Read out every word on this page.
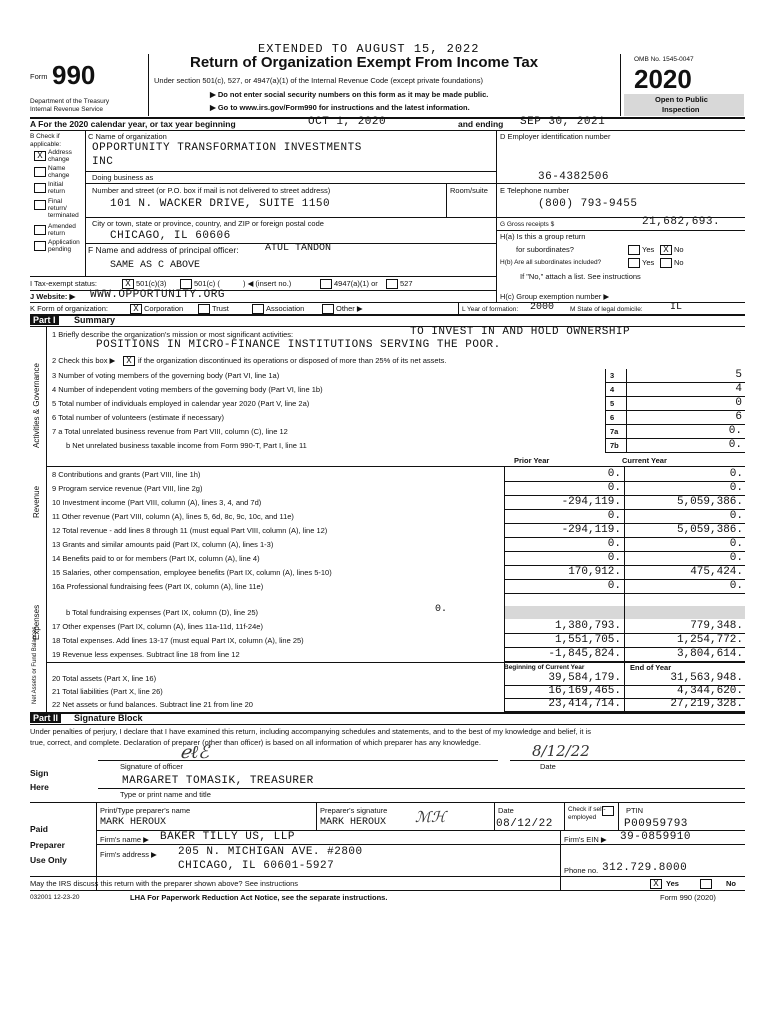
EXTENDED TO AUGUST 15, 2022
Form 990
Department of the Treasury
Internal Revenue Service
Return of Organization Exempt From Income Tax
Under section 501(c), 527, or 4947(a)(1) of the Internal Revenue Code (except private foundations)
▶ Do not enter social security numbers on this form as it may be made public.
▶ Go to www.irs.gov/Form990 for instructions and the latest information.
OMB No. 1545-0047
2020
Open to Public
Inspection
A For the 2020 calendar year, or tax year beginning	OCT 1, 2020	and ending SEP 30, 2021
B Check if applicable:
X Address change
Name change
Initial return
Final return/ terminated
Amended return
Application pending
C Name of organization
OPPORTUNITY TRANSFORMATION INVESTMENTS
INC
Doing business as
Number and street (or P.O. box if mail is not delivered to street address)	Room/suite
101 N. WACKER DRIVE, SUITE 1150
City or town, state or province, country, and ZIP or foreign postal code
CHICAGO, IL 60606
F Name and address of principal officer:	ATUL TANDON
SAME AS C ABOVE
D Employer identification number
36-4382506
E Telephone number
(800) 793-9455
G Gross receipts $	21,682,693.
H(a) Is this a group return
for subordinates?	Yes	X No
H(b) Are all subordinates included?	Yes	No
If "No," attach a list. See instructions
I Tax-exempt status:	X 501(c)(3)	501(c) (	) ◀ (insert no.)	4947(a)(1) or	527
J Website: ▶ WWW.OPPORTUNITY.ORG	H(c) Group exemption number ▶
K Form of organization:	X Corporation	Trust	Association	Other ▶	L Year of formation: 2000 M State of legal domicile:	IL
Part I	Summary
Activities & Governance
Revenue
Expenses
Net Assets or Fund Balances
1 Briefly describe the organization's mission or most significant activities:	TO INVEST IN AND HOLD OWNERSHIP
POSITIONS IN MICRO-FINANCE INSTITUTIONS SERVING THE POOR.
2 Check this box ▶	X if the organization discontinued its operations or disposed of more than 25% of its net assets.
3 Number of voting members of the governing body (Part VI, line 1a)	3	5
4 Number of independent voting members of the governing body (Part VI, line 1b)	4	4
5 Total number of individuals employed in calendar year 2020 (Part V, line 2a)	5	0
6 Total number of volunteers (estimate if necessary)	6	6
7 a Total unrelated business revenue from Part VIII, column (C), line 12	7a	0.
b Net unrelated business taxable income from Form 990-T, Part I, line 11	7b	0.
Prior Year	Current Year
8 Contributions and grants (Part VIII, line 1h)	0.	0.
9 Program service revenue (Part VIII, line 2g)	0.	0.
10 Investment income (Part VIII, column (A), lines 3, 4, and 7d)	-294,119.	5,059,386.
11 Other revenue (Part VIII, column (A), lines 5, 6d, 8c, 9c, 10c, and 11e)	0.	0.
12 Total revenue - add lines 8 through 11 (must equal Part VIII, column (A), line 12)	-294,119.	5,059,386.
13 Grants and similar amounts paid (Part IX, column (A), lines 1-3)	0.	0.
14 Benefits paid to or for members (Part IX, column (A), line 4)	0.	0.
15 Salaries, other compensation, employee benefits (Part IX, column (A), lines 5-10)	170,912.	475,424.
16a Professional fundraising fees (Part IX, column (A), line 11e)	0.	0.
b Total fundraising expenses (Part IX, column (D), line 25)	0.
17 Other expenses (Part IX, column (A), lines 11a-11d, 11f-24e)	1,380,793.	779,348.
18 Total expenses. Add lines 13-17 (must equal Part IX, column (A), line 25)	1,551,705.	1,254,772.
19 Revenue less expenses. Subtract line 18 from line 12	-1,845,824.	3,804,614.
Beginning of Current Year	End of Year
20 Total assets (Part X, line 16)	39,584,179.	31,563,948.
21 Total liabilities (Part X, line 26)	16,169,465.	4,344,620.
22 Net assets or fund balances. Subtract line 21 from line 20	23,414,714.	27,219,328.
Part II	Signature Block
Under penalties of perjury, I declare that I have examined this return, including accompanying schedules and statements, and to the best of my knowledge and belief, it is
true, correct, and complete. Declaration of preparer (other than officer) is based on all information of which preparer has any knowledge.
Sign
Here
ℯℓℰ	8/12/22
Signature of officer	Date
MARGARET TOMASIK, TREASURER
Type or print name and title
Paid
Preparer
Use Only
Print/Type preparer's name
MARK HEROUX
Preparer's signature
MARK HEROUX ℳℋ	Date
08/12/22
Check if self-employed
PTIN
P00959793
Firm's name ▶ BAKER TILLY US, LLP	Firm's EIN ▶ 39-0859910
Firm's address ▶ 205 N. MICHIGAN AVE. #2800
CHICAGO, IL 60601-5927	Phone no. 312.729.8000
May the IRS discuss this return with the preparer shown above? See instructions	X Yes	No
032001 12-23-20	LHA For Paperwork Reduction Act Notice, see the separate instructions.	Form 990 (2020)
